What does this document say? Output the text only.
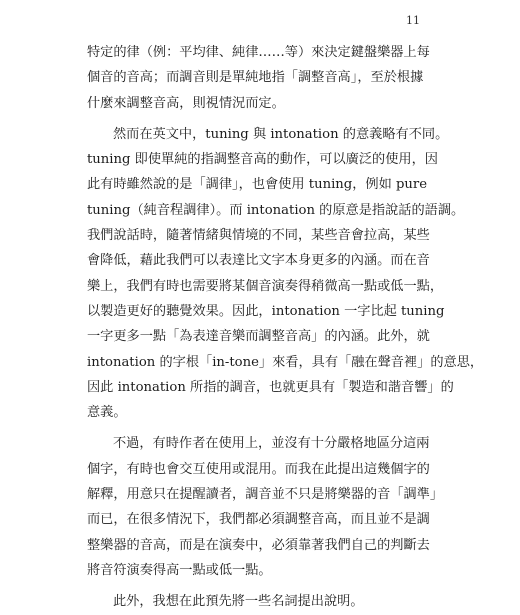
11
特定的律（例：平均律、純律……等）來決定鍵盤樂器上每
個音的音高；而調音則是單純地指「調整音高」，至於根據
什麼來調整音高，則視情況而定。
然而在英文中，tuning 與 intonation 的意義略有不同。
tuning 即使單純的指調整音高的動作，可以廣泛的使用，因
此有時雖然說的是「調律」，也會使用 tuning，例如 pure
tuning（純音程調律）。而 intonation 的原意是指說話的語調。
我們說話時，隨著情緒與情境的不同，某些音會拉高，某些
會降低，藉此我們可以表達比文字本身更多的內涵。而在音
樂上，我們有時也需要將某個音演奏得稍微高一點或低一點，
以製造更好的聽覺效果。因此，intonation 一字比起 tuning
一字更多一點「為表達音樂而調整音高」的內涵。此外，就
intonation 的字根「in-tone」來看，具有「融在聲音裡」的意思，
因此 intonation 所指的調音，也就更具有「製造和諧音響」的
意義。
不過，有時作者在使用上，並沒有十分嚴格地區分這兩
個字，有時也會交互使用或混用。而我在此提出這幾個字的
解釋，用意只在提醒讀者，調音並不只是將樂器的音「調準」
而已，在很多情況下，我們都必須調整音高，而且並不是調
整樂器的音高，而是在演奏中，必須靠著我們自己的判斷去
將音符演奏得高一點或低一點。
此外，我想在此預先將一些名詞提出說明。
